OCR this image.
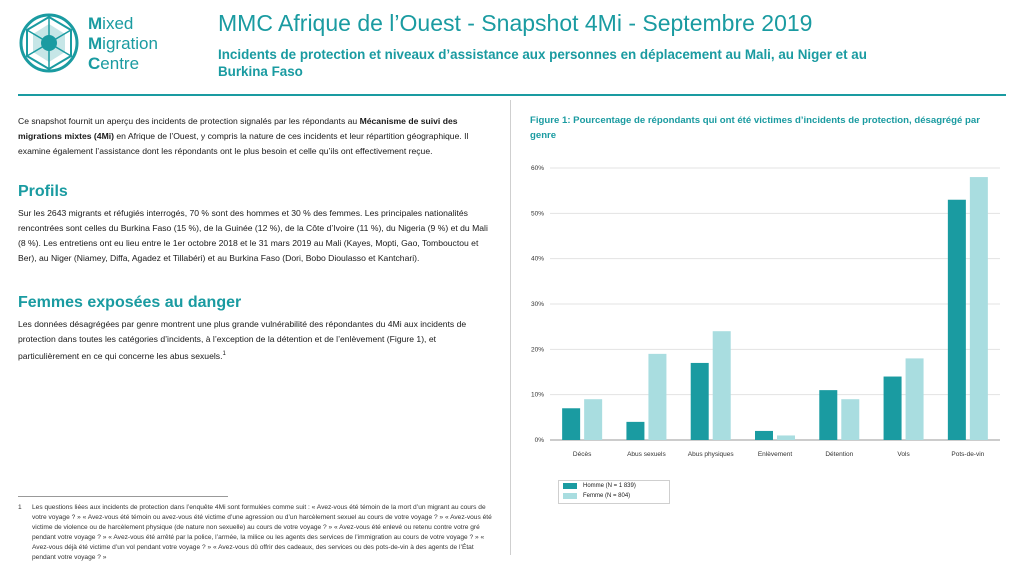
Mixed
Migration
Centre
MMC Afrique de l’Ouest - Snapshot 4Mi - Septembre 2019
Incidents de protection et niveaux d’assistance aux personnes en déplacement au Mali, au Niger et au Burkina Faso
Ce snapshot fournit un aperçu des incidents de protection signalés par les répondants au Mécanisme de suivi des migrations mixtes (4Mi) en Afrique de l’Ouest, y compris la nature de ces incidents et leur répartition géographique. Il examine également l’assistance dont les répondants ont le plus besoin et celle qu’ils ont effectivement reçue.
Profils
Sur les 2643 migrants et réfugiés interrogés, 70 % sont des hommes et 30 % des femmes. Les principales nationalités rencontrées sont celles du Burkina Faso (15 %), de la Guinée (12 %), de la Côte d’Ivoire (11 %), du Nigeria (9 %) et du Mali (8 %). Les entretiens ont eu lieu entre le 1er octobre 2018 et le 31 mars 2019 au Mali (Kayes, Mopti, Gao, Tombouctou et Ber), au Niger (Niamey, Diffa, Agadez et Tillabéri) et au Burkina Faso (Dori, Bobo Dioulasso et Kantchari).
Femmes exposées au danger
Les données désagrégées par genre montrent une plus grande vulnérabilité des répondantes du 4Mi aux incidents de protection dans toutes les catégories d’incidents, à l’exception de la détention et de l’enlèvement (Figure 1), et particulièrement en ce qui concerne les abus sexuels.$^1$
1 Les questions liées aux incidents de protection dans l’enquête 4Mi sont formulées comme suit : « Avez-vous été témoin de la mort d’un migrant au cours de votre voyage ? » « Avez-vous été témoin ou avez-vous été victime d’une agression ou d’un harcèlement sexuel au cours de votre voyage ? » « Avez-vous été victime de violence ou de harcèlement physique (de nature non sexuelle) au cours de votre voyage ? » « Avez-vous été enlevé ou retenu contre votre gré pendant votre voyage ? » « Avez-vous été arrêté par la police, l’armée, la milice ou les agents des services de l’immigration au cours de votre voyage ? » « Avez-vous déjà été victime d’un vol pendant votre voyage ? » « Avez-vous dû offrir des cadeaux, des services ou des pots-de-vin à des agents de l’État pendant votre voyage ? »
Figure 1: Pourcentage de répondants qui ont été victimes d’incidents de protection, désagrégé par genre
0%
10%
20%
30%
40%
50%
60%
Décès	Abus sexuels	Abus physiques	Enlèvement	Détention	Vols	Pots-de-vin
Homme (N = 1 839)
Femme (N = 804)
